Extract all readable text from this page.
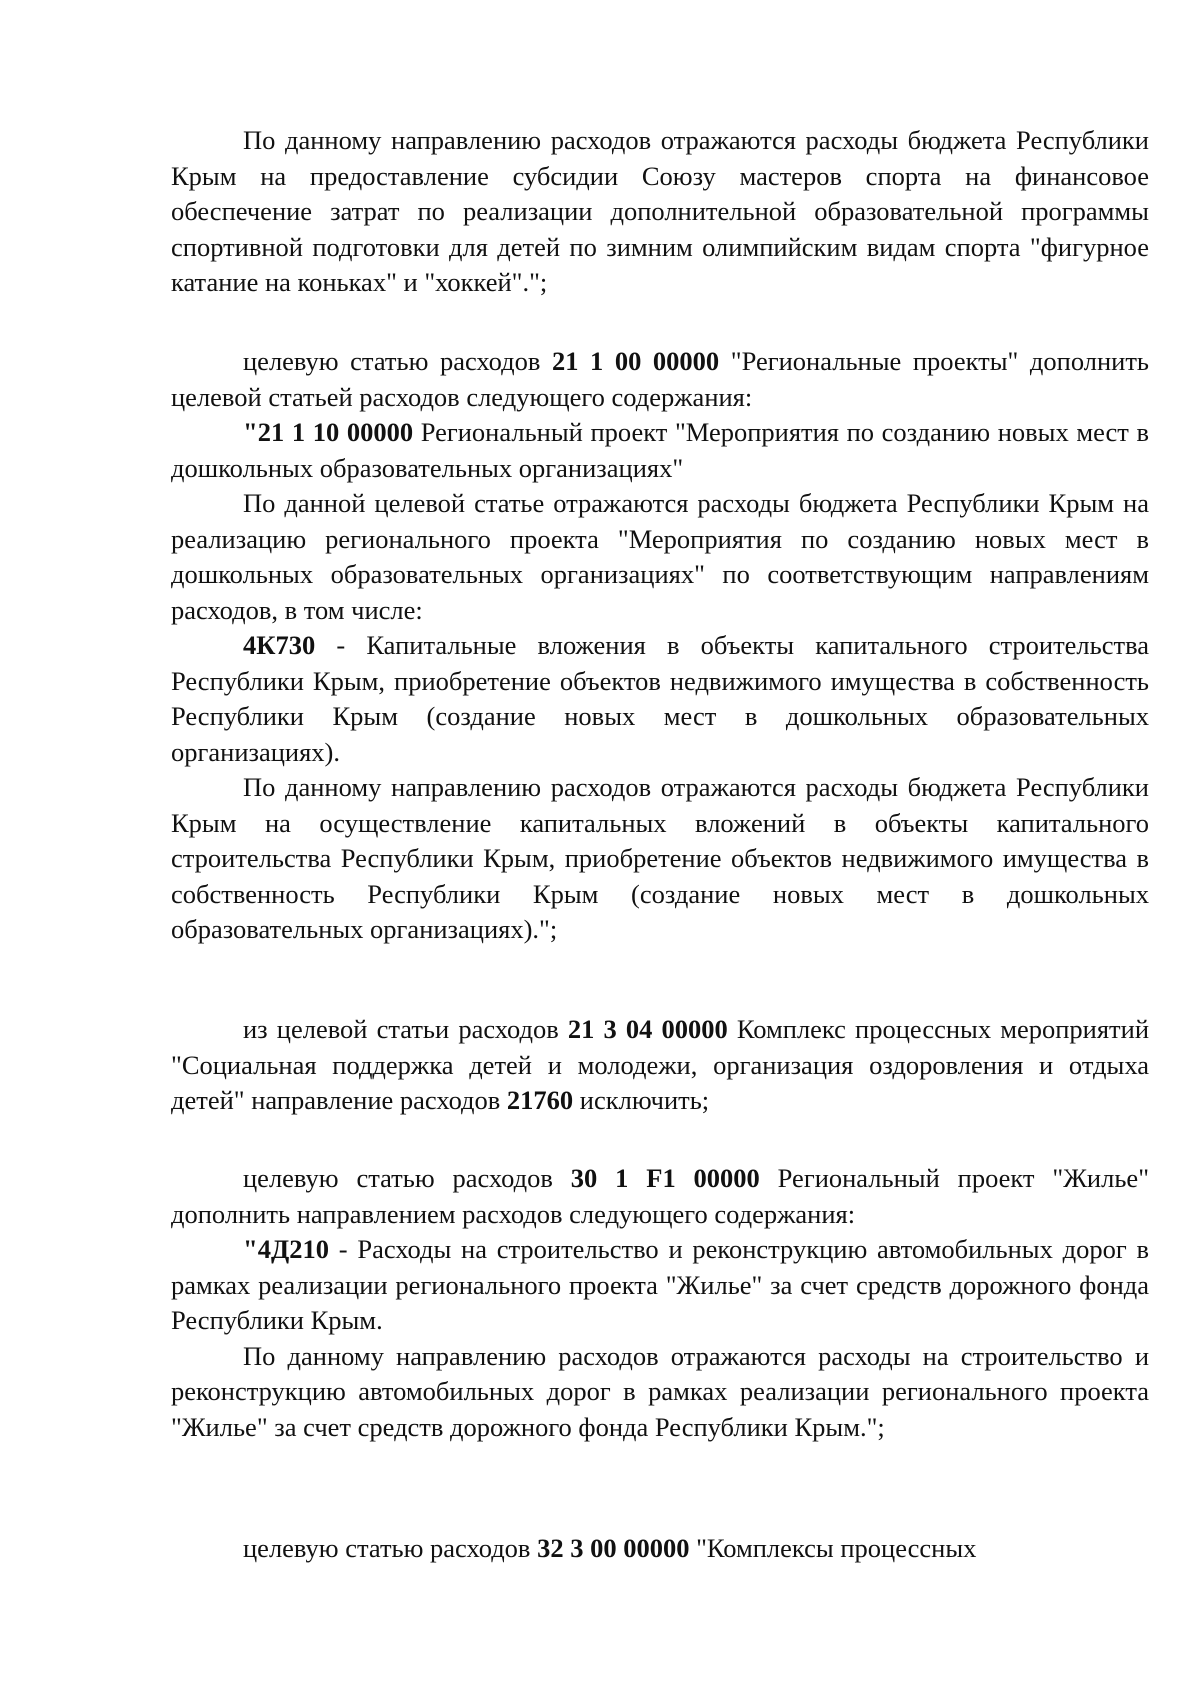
По данному направлению расходов отражаются расходы бюджета Республики Крым на предоставление субсидии Союзу мастеров спорта на финансовое обеспечение затрат по реализации дополнительной образовательной программы спортивной подготовки для детей по зимним олимпийским видам спорта "фигурное катание на коньках" и "хоккей".";

целевую статью расходов 21 1 00 00000 "Региональные проекты" дополнить целевой статьей расходов следующего содержания:

"21 1 10 00000 Региональный проект "Мероприятия по созданию новых мест в дошкольных образовательных организациях"

По данной целевой статье отражаются расходы бюджета Республики Крым на реализацию регионального проекта "Мероприятия по созданию новых мест в дошкольных образовательных организациях" по соответствующим направлениям расходов, в том числе:

4К730 - Капитальные вложения в объекты капитального строительства Республики Крым, приобретение объектов недвижимого имущества в собственность Республики Крым (создание новых мест в дошкольных образовательных организациях).

По данному направлению расходов отражаются расходы бюджета Республики Крым на осуществление капитальных вложений в объекты капитального строительства Республики Крым, приобретение объектов недвижимого имущества в собственность Республики Крым (создание новых мест в дошкольных образовательных организациях).";

из целевой статьи расходов 21 3 04 00000 Комплекс процессных мероприятий "Социальная поддержка детей и молодежи, организация оздоровления и отдыха детей" направление расходов 21760 исключить;

целевую статью расходов 30 1 F1 00000 Региональный проект "Жилье" дополнить направлением расходов следующего содержания:

"4Д210 - Расходы на строительство и реконструкцию автомобильных дорог в рамках реализации регионального проекта "Жилье" за счет средств дорожного фонда Республики Крым.

По данному направлению расходов отражаются расходы на строительство и реконструкцию автомобильных дорог в рамках реализации регионального проекта "Жилье" за счет средств дорожного фонда Республики Крым.";

целевую статью расходов 32 3 00 00000 "Комплексы процессных
